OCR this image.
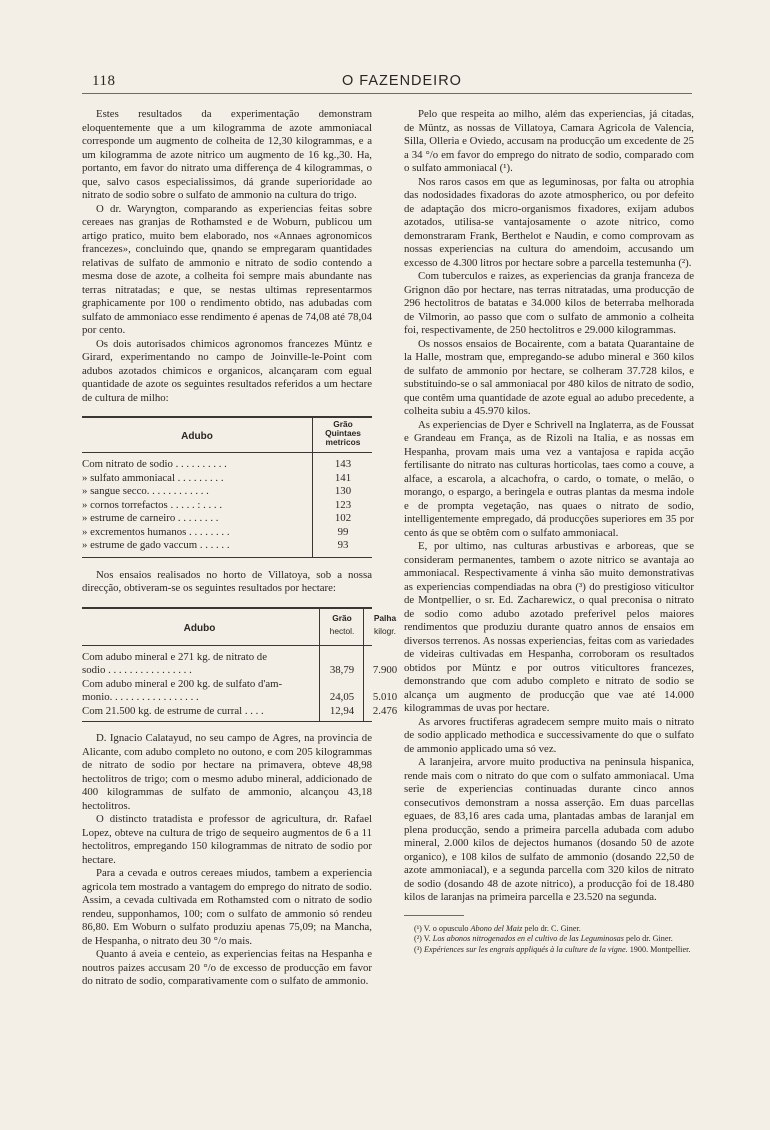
118	O FAZENDEIRO

Estes resultados da experimentação demonstram eloquentemente que a um kilogramma de azote ammoniacal corresponde um augmento de colheita de 12,30 kilogrammas, e a um kilogramma de azote nitrico um augmento de 16 kg.,30. Ha, portanto, em favor do nitrato uma differença de 4 kilogrammas, o que, salvo casos especialissimos, dá grande superioridade ao nitrato de sodio sobre o sulfato de ammonio na cultura do trigo.

O dr. Waryngton, comparando as experiencias feitas sobre cereaes nas granjas de Rothamsted e de Woburn, publicou um artigo pratico, muito bem elaborado, nos «Annaes agronomicos francezes», concluindo que, qnando se empregaram quantidades relativas de sulfato de ammonio e nitrato de sodio contendo a mesma dose de azote, a colheita foi sempre mais abundante nas terras nitratadas; e que, se nestas ultimas representarmos graphicamente por 100 o rendimento obtido, nas adubadas com sulfato de ammoniaco esse rendimento é apenas de 74,08 até 78,04 por cento.

Os dois autorisados chimicos agronomos francezes Müntz e Girard, experimentando no campo de Joinville-le-Point com adubos azotados chimicos e organicos, alcançaram com egual quantidade de azote os seguintes resultados referidos a um hectare de cultura de milho:

Adubo
Grão
Quintaes
metricos
Com nitrato de sodio . . . . . . . . . .	143
» sulfato ammoniacal . . . . . . . . .	141
» sangue secco. . . . . . . . . . . .	130
» cornos torrefactos . . . . . : . . . .	123
» estrume de carneiro . . . . . . . .	102
» excrementos humanos . . . . . . . .	99
» estrume de gado vaccum . . . . . .	93

Nos ensaios realisados no horto de Villatoya, sob a nossa direcção, obtiveram-se os seguintes resultados por hectare:

Adubo
Grão
hectol.
Palha
kilogr.
Com adubo mineral e 271 kg. de nitrato de
sodio . . . . . . . . . . . . . . . .	38,79	7.900
Com adubo mineral e 200 kg. de sulfato d'am-
monio. . . . . . . . . . . . . . . . .	24,05	5.010
Com 21.500 kg. de estrume de curral . . . .	12,94	2.476

D. Ignacio Calatayud, no seu campo de Agres, na provincia de Alicante, com adubo completo no outono, e com 205 kilogrammas de nitrato de sodio por hectare na primavera, obteve 48,98 hectolitros de trigo; com o mesmo adubo mineral, addicionado de 400 kilogrammas de sulfato de ammonio, alcançou 43,18 hectolitros.

O distincto tratadista e professor de agricultura, dr. Rafael Lopez, obteve na cultura de trigo de sequeiro augmentos de 6 a 11 hectolitros, empregando 150 kilogrammas de nitrato de sodio por hectare.

Para a cevada e outros cereaes miudos, tambem a experiencia agricola tem mostrado a vantagem do emprego do nitrato de sodio. Assim, a cevada cultivada em Rothamsted com o nitrato de sodio rendeu, supponhamos, 100; com o sulfato de ammonio só rendeu 86,80. Em Woburn o sulfato produziu apenas 75,09; na Mancha, de Hespanha, o nitrato deu 30 °/o mais.

Quanto á aveia e centeio, as experiencias feitas na Hespanha e noutros paizes accusam 20 °/o de excesso de producção em favor do nitrato de sodio, comparativamente com o sulfato de ammonio.

Pelo que respeita ao milho, além das experiencias, já citadas, de Müntz, as nossas de Villatoya, Camara Agricola de Valencia, Silla, Olleria e Oviedo, accusam na producção um excedente de 25 a 34 °/o em favor do emprego do nitrato de sodio, comparado com o sulfato ammoniacal (¹).

Nos raros casos em que as leguminosas, por falta ou atrophia das nodosidades fixadoras do azote atmospherico, ou por defeito de adaptação dos micro-organismos fixadores, exijam adubos azotados, utilisa-se vantajosamente o azote nitrico, como demonstraram Frank, Berthelot e Naudin, e como comprovam as nossas experiencias na cultura do amendoim, accusando um excesso de 4.300 litros por hectare sobre a parcella testemunha (²).

Com tuberculos e raizes, as experiencias da granja franceza de Grignon dão por hectare, nas terras nitratadas, uma producção de 296 hectolitros de batatas e 34.000 kilos de beterraba melhorada de Vilmorin, ao passo que com o sulfato de ammonio a colheita foi, respectivamente, de 250 hectolitros e 29.000 kilogrammas.

Os nossos ensaios de Bocairente, com a batata Quarantaine de la Halle, mostram que, empregando-se adubo mineral e 360 kilos de sulfato de ammonio por hectare, se colheram 37.728 kilos, e substituindo-se o sal ammoniacal por 480 kilos de nitrato de sodio, que contêm uma quantidade de azote egual ao adubo precedente, a colheita subiu a 45.970 kilos.

As experiencias de Dyer e Schrivell na Inglaterra, as de Foussat e Grandeau em França, as de Rizoli na Italia, e as nossas em Hespanha, provam mais uma vez a vantajosa e rapida acção fertilisante do nitrato nas culturas horticolas, taes como a couve, a alface, a escarola, a alcachofra, o cardo, o tomate, o melão, o morango, o espargo, a beringela e outras plantas da mesma indole e de prompta vegetação, nas quaes o nitrato de sodio, intelligentemente empregado, dá producções superiores em 35 por cento ás que se obtêm com o sulfato ammoniacal.

E, por ultimo, nas culturas arbustivas e arboreas, que se consideram permanentes, tambem o azote nitrico se avantaja ao ammoniacal. Respectivamente á vinha são muito demonstrativas as experiencias compendiadas na obra (³) do prestigioso viticultor de Montpellier, o sr. Ed. Zacharewicz, o qual preconisa o nitrato de sodio como adubo azotado preferivel pelos maiores rendimentos que produziu durante quatro annos de ensaios em diversos terrenos. As nossas experiencias, feitas com as variedades de videiras cultivadas em Hespanha, corroboram os resultados obtidos por Müntz e por outros viticultores francezes, demonstrando que com adubo completo e nitrato de sodio se alcança um augmento de producção que vae até 14.000 kilogrammas de uvas por hectare.

As arvores fructiferas agradecem sempre muito mais o nitrato de sodio applicado methodica e successivamente do que o sulfato de ammonio applicado uma só vez.

A laranjeira, arvore muito productiva na peninsula hispanica, rende mais com o nitrato do que com o sulfato ammoniacal. Uma serie de experiencias continuadas durante cinco annos consecutivos demonstram a nossa asserção. Em duas parcellas eguaes, de 83,16 ares cada uma, plantadas ambas de laranjal em plena producção, sendo a primeira parcella adubada com adubo mineral, 2.000 kilos de dejectos humanos (dosando 50 de azote organico), e 108 kilos de sulfato de ammonio (dosando 22,50 de azote ammoniacal), e a segunda parcella com 320 kilos de nitrato de sodio (dosando 48 de azote nitrico), a producção foi de 18.480 kilos de laranjas na primeira parcella e 23.520 na segunda.

(¹) V. o opusculo Abono del Maiz pelo dr. C. Giner.
(²) V. Los abonos nitrogenados en el cultivo de las Leguminosas pelo dr. Giner.
(³) Expériences sur les engrais appliqués à la culture de la vigne. 1900. Montpellier.
